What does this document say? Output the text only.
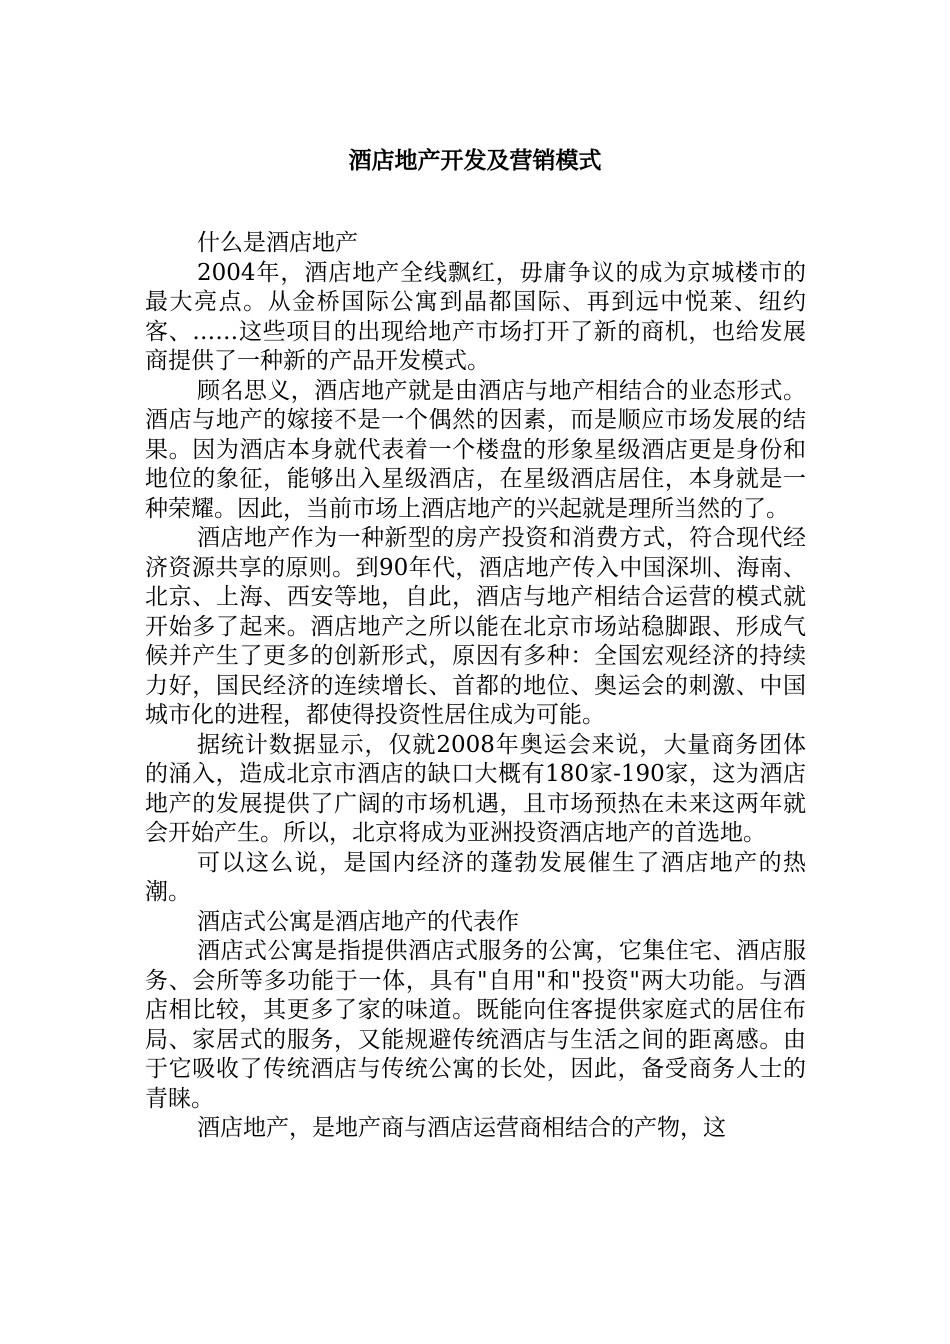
酒店地产开发及营销模式

什么是酒店地产

2004年，酒店地产全线飘红，毋庸争议的成为京城楼市的最大亮点。从金桥国际公寓到晶都国际、再到远中悦莱、纽约客、……这些项目的出现给地产市场打开了新的商机，也给发展商提供了一种新的产品开发模式。

顾名思义，酒店地产就是由酒店与地产相结合的业态形式。酒店与地产的嫁接不是一个偶然的因素，而是顺应市场发展的结果。因为酒店本身就代表着一个楼盘的形象星级酒店更是身份和地位的象征，能够出入星级酒店，在星级酒店居住，本身就是一种荣耀。因此，当前市场上酒店地产的兴起就是理所当然的了。

酒店地产作为一种新型的房产投资和消费方式，符合现代经济资源共享的原则。到90年代，酒店地产传入中国深圳、海南、北京、上海、西安等地，自此，酒店与地产相结合运营的模式就开始多了起来。酒店地产之所以能在北京市场站稳脚跟、形成气候并产生了更多的创新形式，原因有多种：全国宏观经济的持续力好，国民经济的连续增长、首都的地位、奥运会的刺激、中国城市化的进程，都使得投资性居住成为可能。

据统计数据显示，仅就2008年奥运会来说，大量商务团体的涌入，造成北京市酒店的缺口大概有180家-190家，这为酒店地产的发展提供了广阔的市场机遇，且市场预热在未来这两年就会开始产生。所以，北京将成为亚洲投资酒店地产的首选地。

可以这么说，是国内经济的蓬勃发展催生了酒店地产的热潮。

酒店式公寓是酒店地产的代表作

酒店式公寓是指提供酒店式服务的公寓，它集住宅、酒店服务、会所等多功能于一体，具有"自用"和"投资"两大功能。与酒店相比较，其更多了家的味道。既能向住客提供家庭式的居住布局、家居式的服务，又能规避传统酒店与生活之间的距离感。由于它吸收了传统酒店与传统公寓的长处，因此，备受商务人士的青睐。

酒店地产，是地产商与酒店运营商相结合的产物，这
